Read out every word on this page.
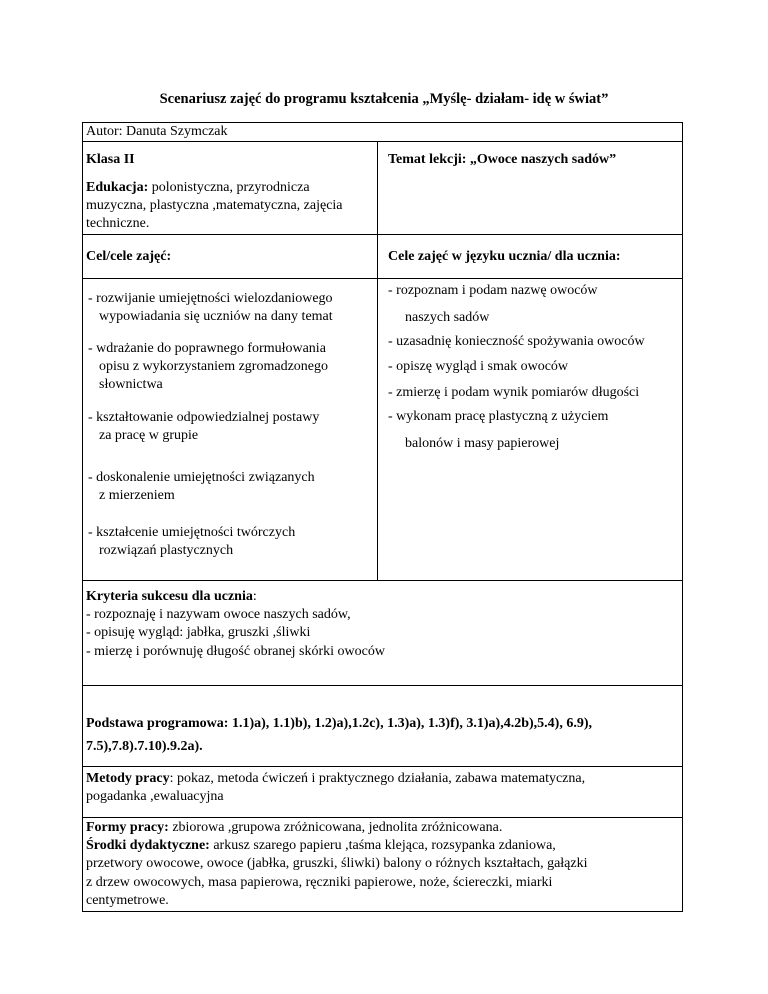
Scenariusz zajęć do programu kształcenia „Myślę- działam- idę w świat”
Autor: Danuta Szymczak
Klasa II	Temat lekcji: „Owoce naszych sadów”

Edukacja: polonistyczna, przyrodnicza

muzyczna, plastyczna ,matematyczna, zajęcia

techniczne.

Cel/cele zajęć:	Cele zajęć w języku ucznia/ dla ucznia:

- rozwijanie umiejętności wielozdaniowego

wypowiadania się uczniów na dany temat

- wdrażanie do poprawnego formułowania

opisu z wykorzystaniem zgromadzonego

słownictwa

- kształtowanie odpowiedzialnej postawy

za pracę w grupie

- doskonalenie umiejętności związanych

z mierzeniem

- kształcenie umiejętności twórczych

rozwiązań plastycznych

- rozpoznam i podam nazwę owoców

naszych sadów

- uzasadnię konieczność spożywania owoców

- opiszę wygląd i smak owoców

- zmierzę i podam wynik pomiarów długości

- wykonam pracę plastyczną z użyciem

balonów i masy papierowej

Kryteria sukcesu dla ucznia:

- rozpoznaję i nazywam owoce naszych sadów,

- opisuję wygląd: jabłka, gruszki ,śliwki

- mierzę i porównuję długość obranej skórki owoców

Podstawa programowa: 1.1)a), 1.1)b), 1.2)a),1.2c), 1.3)a), 1.3)f), 3.1)a),4.2b),5.4), 6.9),

7.5),7.8).7.10).9.2a).

Metody pracy: pokaz, metoda ćwiczeń i praktycznego działania, zabawa matematyczna,

pogadanka ,ewaluacyjna

Formy pracy: zbiorowa ,grupowa zróżnicowana, jednolita zróżnicowana.

Środki dydaktyczne: arkusz szarego papieru ,taśma klejąca, rozsypanka zdaniowa,

przetwory owocowe, owoce (jabłka, gruszki, śliwki) balony o różnych kształtach, gałązki

z drzew owocowych, masa papierowa, ręczniki papierowe, noże, ściereczki, miarki

centymetrowe.
